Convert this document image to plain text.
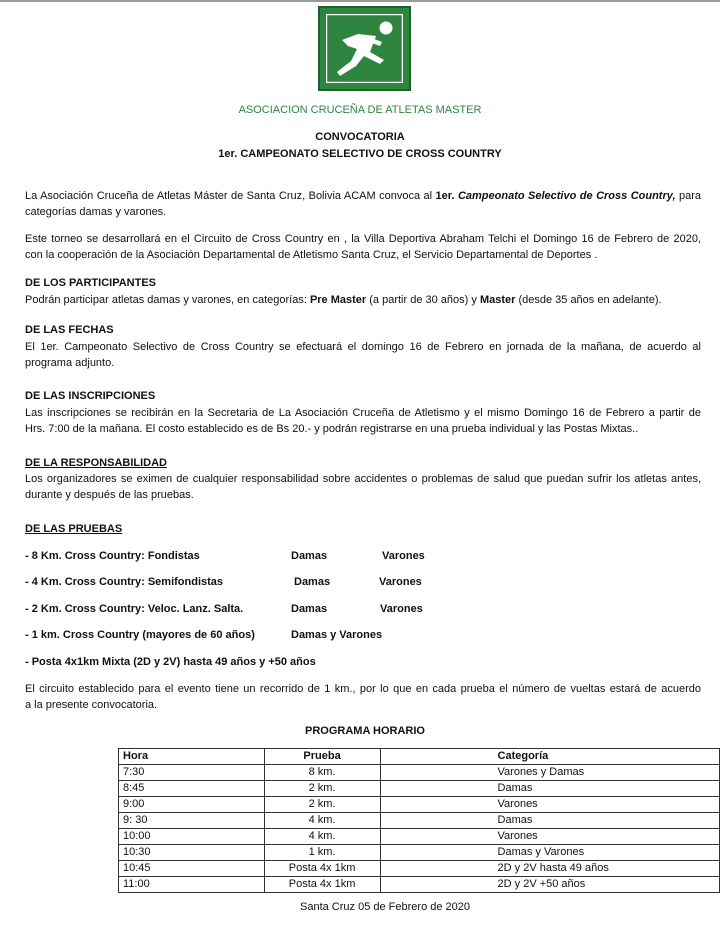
ASOCIACION CRUCEÑA DE ATLETAS MASTER
CONVOCATORIA
1er. CAMPEONATO SELECTIVO DE CROSS COUNTRY
La Asociación Cruceña de Atletas Máster de Santa Cruz, Bolivia ACAM convoca al 1er. Campeonato Selectivo de Cross Country, para
categorías damas y varones.
Este torneo se desarrollará en el Circuito de Cross Country en , la Villa Deportiva Abraham Telchi el Domingo 16 de Febrero de 2020,
con la cooperación de la Asociación Departamental de Atletismo Santa Cruz, el Servicio Departamental de Deportes .
DE LOS PARTICIPANTES
Podrán participar atletas damas y varones, en categorías: Pre Master (a partir de 30 años) y Master (desde 35 años en adelante).
DE LAS FECHAS
El 1er. Campeonato Selectivo de Cross Country se efectuará el domingo 16 de Febrero en jornada de la mañana, de acuerdo al
programa adjunto.
DE LAS INSCRIPCIONES
Las inscripciones se recibirán en la Secretaria de La Asociación Cruceña de Atletismo y el mismo Domingo 16 de Febrero a partir de
Hrs. 7:00 de la mañana. El costo establecido es de Bs 20.- y podrán registrarse en una prueba individual y las Postas Mixtas..
DE LA RESPONSABILIDAD
Los organizadores se eximen de cualquier responsabilidad sobre accidentes o problemas de salud que puedan sufrir los atletas antes,
durante y después de las pruebas.
DE LAS PRUEBAS
- 8 Km. Cross Country: Fondistas	Damas	Varones
- 4 Km. Cross Country: Semifondistas	Damas	Varones
- 2 Km. Cross Country: Veloc. Lanz. Salta.	Damas	Varones
- 1 km. Cross Country (mayores de 60 años)	Damas y Varones
- Posta 4x1km Mixta (2D y 2V) hasta 49 años y +50 años
El circuito establecido para el evento tiene un recorrido de 1 km., por lo que en cada prueba el número de vueltas estará de acuerdo
a la presente convocatoria.
PROGRAMA HORARIO
Hora	Prueba	Categoría
7:30	8 km.	Varones y Damas
8:45	2 km.	Damas
9:00	2 km.	Varones
9: 30	4 km.	Damas
10:00	4 km.	Varones
10:30	1 km.	Damas y Varones
10:45	Posta 4x 1km	2D y 2V hasta 49 años
11:00	Posta 4x 1km	2D y 2V +50 años
Santa Cruz 05 de Febrero de 2020
